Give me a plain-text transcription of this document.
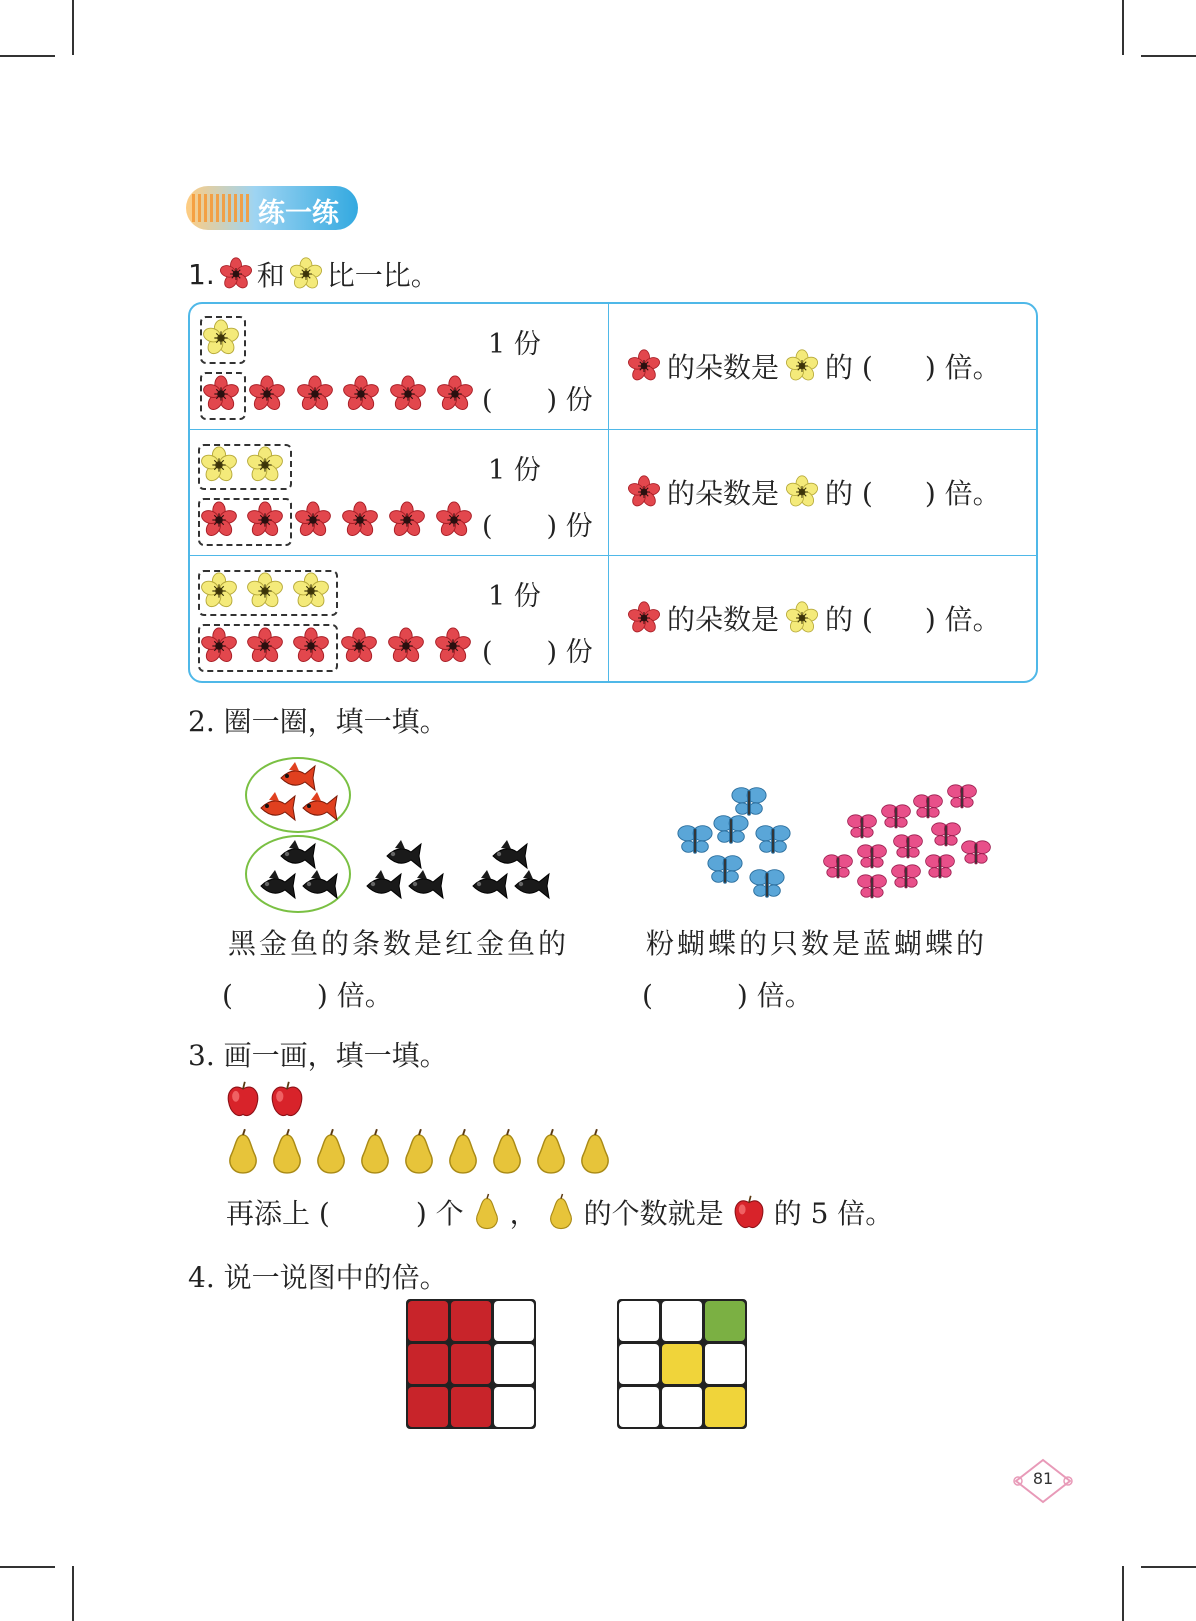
练一练
1. 和 比一比。
1 份
(　　) 份	的朵数是 的 ( ) 倍。

1 份
(　　) 份	的朵数是 的 ( ) 倍。

1 份
(　　) 份	的朵数是 的 ( ) 倍。
2. 圈一圈，填一填。
黑金鱼的条数是红金鱼的
(　　　) 倍。
粉蝴蝶的只数是蓝蝴蝶的
(　　　) 倍。
3. 画一画，填一填。
再添上 (	) 个 ， 的个数就是 的 5 倍。
4. 说一说图中的倍。
81
